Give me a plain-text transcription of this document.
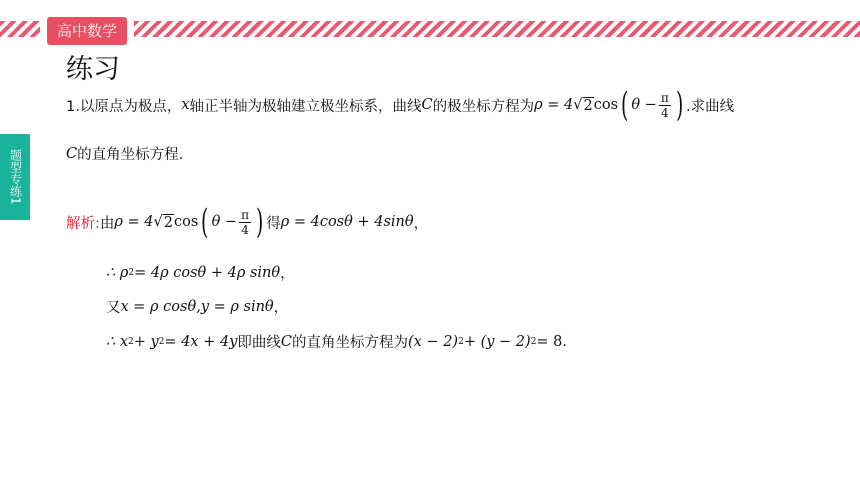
高中数学
练习
题型专练1
1.以原点为极点， x 轴正半轴为极轴建立极坐标系，曲线 C 的极坐标方程为 ρ = 4 √ 2 cos ( $\theta - \frac{\pi}{4}$ ) .求曲线
C 的直角坐标方程.
解析: 由 ρ = 4 √ 2 cos ( $\theta - \frac{\pi}{4}$ ) 得 ρ = 4cosθ + 4sinθ ，
∴ ρ 2 = 4ρ cosθ + 4ρ sinθ ，
又 x = ρ cosθ, y = ρ sinθ ，
∴ x 2 + y 2 = 4x + 4y 即曲线 C 的直角坐标方程为 (x − 2) 2 + (y − 2) 2 = 8 .
